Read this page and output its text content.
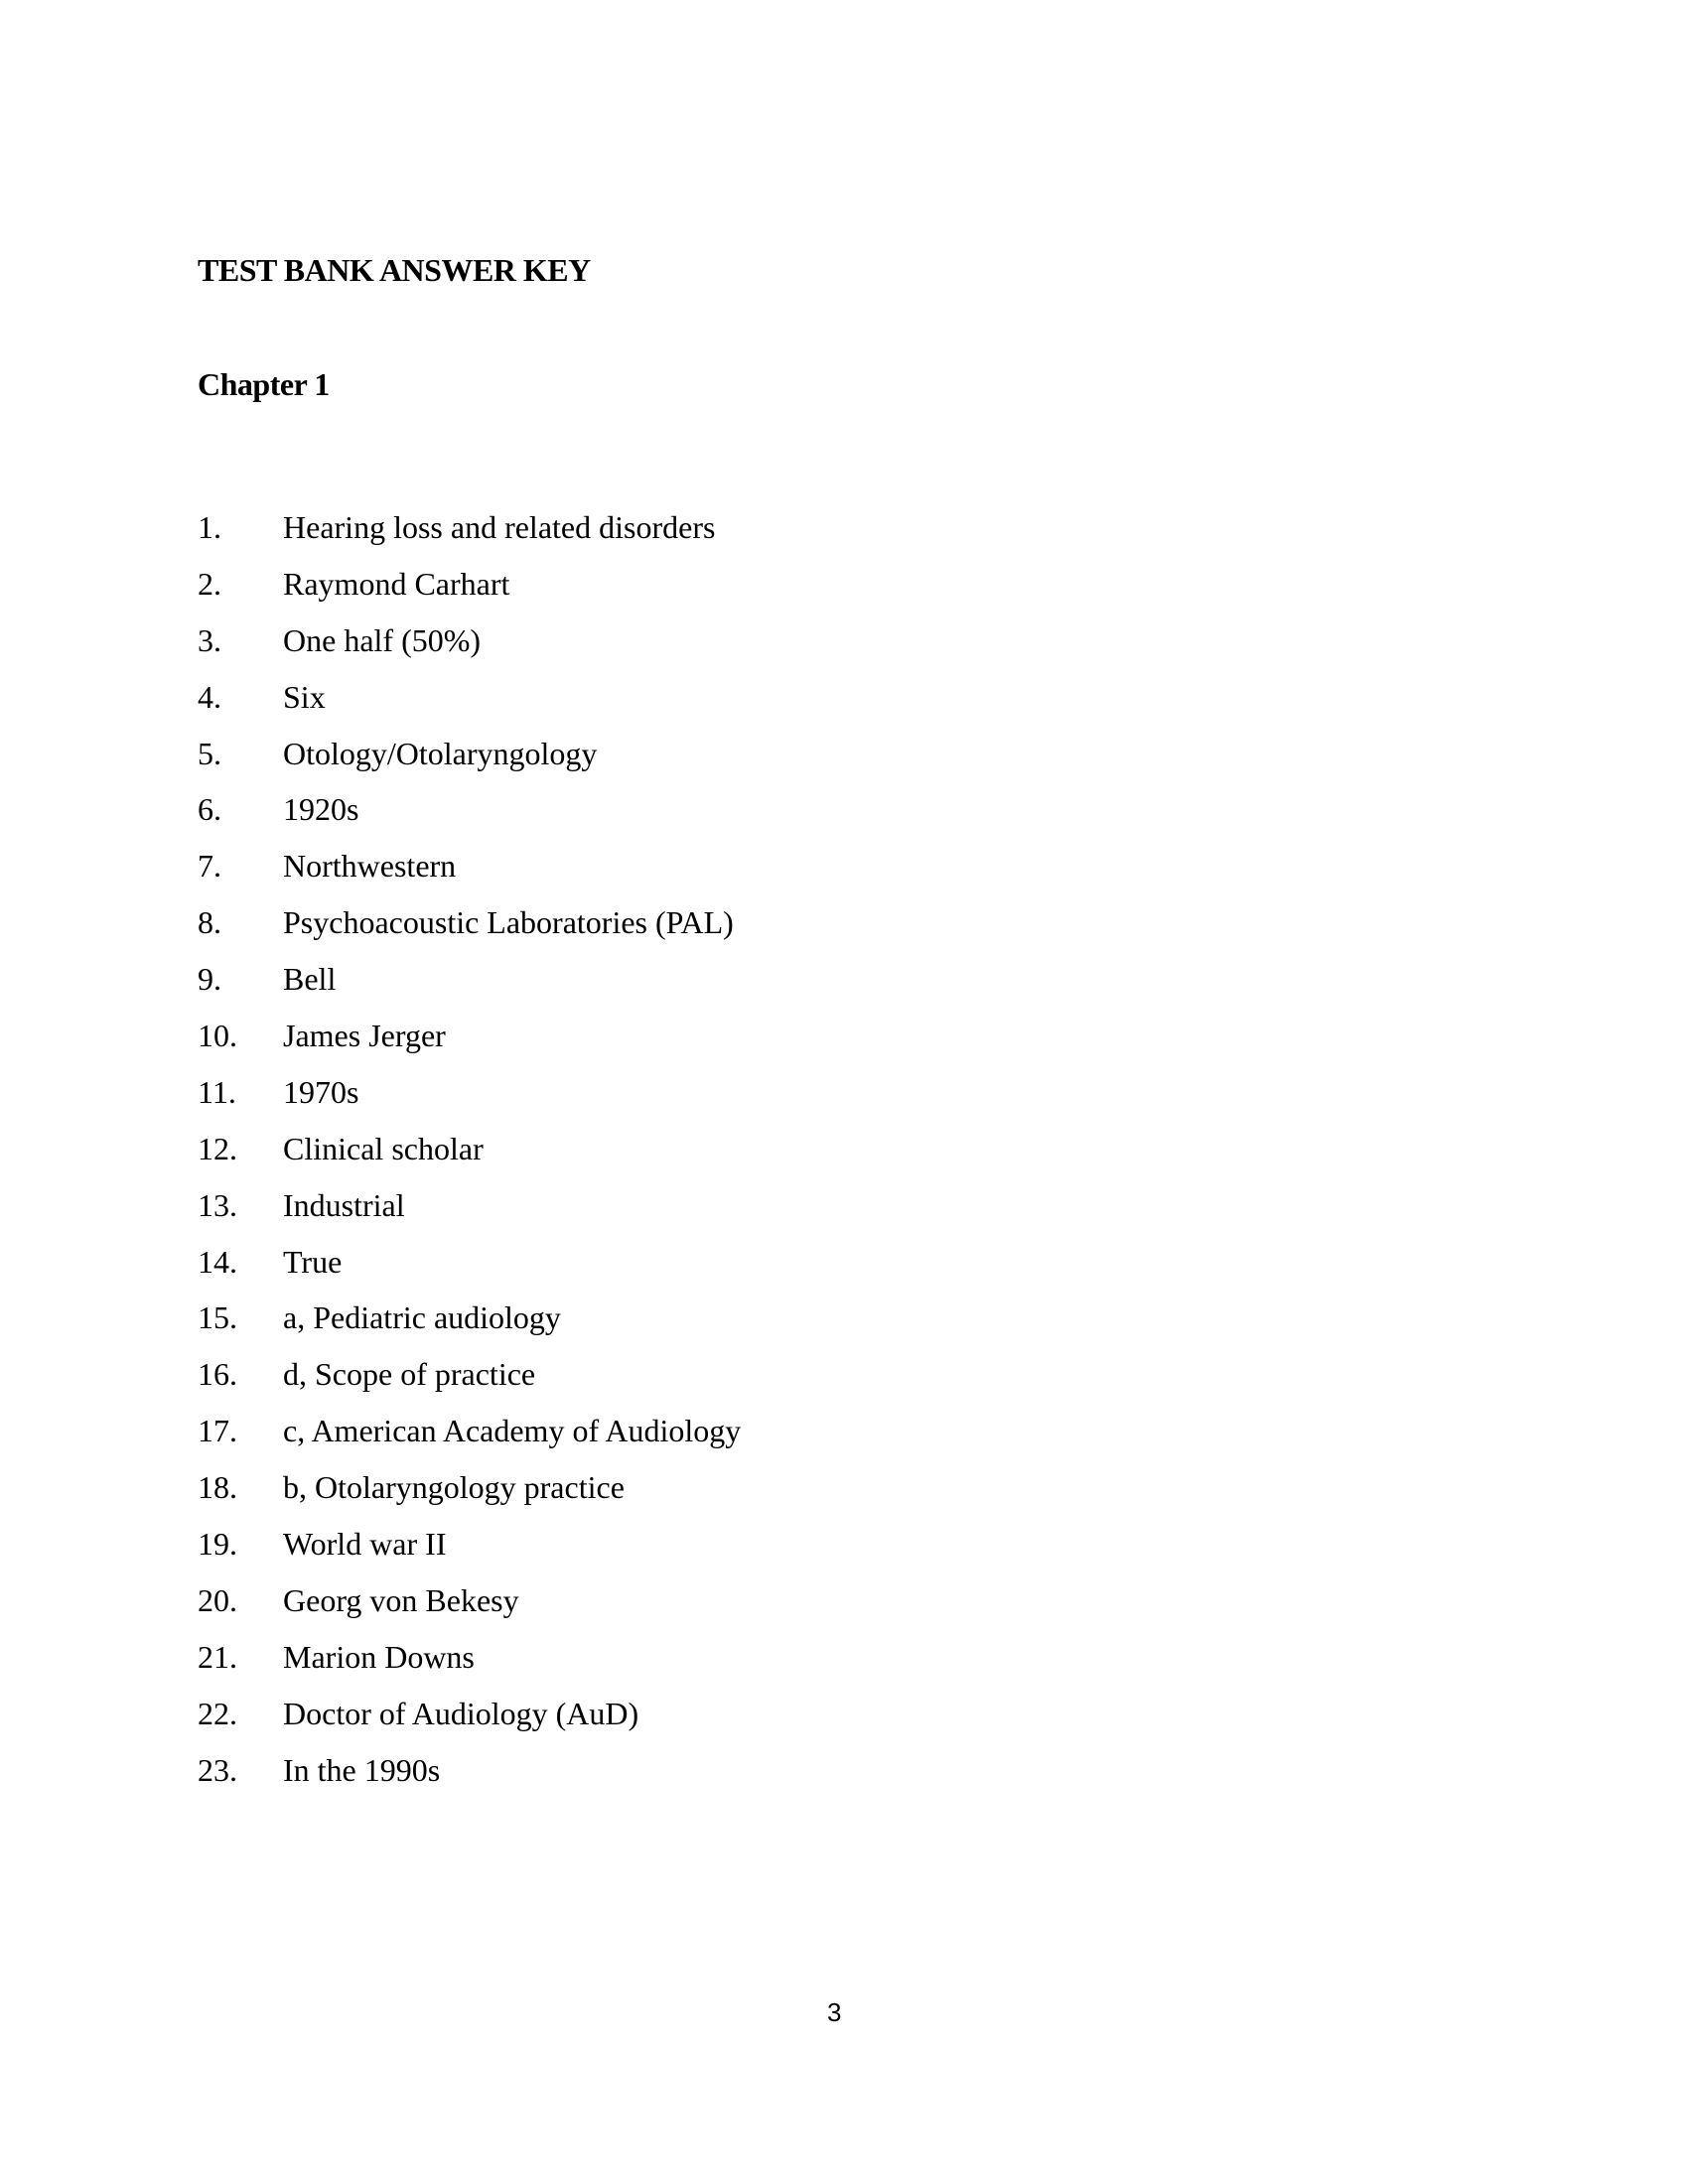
TEST BANK ANSWER KEY
Chapter 1
1. Hearing loss and related disorders
2. Raymond Carhart
3. One half (50%)
4. Six
5. Otology/Otolaryngology
6. 1920s
7. Northwestern
8. Psychoacoustic Laboratories (PAL)
9. Bell
10. James Jerger
11. 1970s
12. Clinical scholar
13. Industrial
14. True
15. a, Pediatric audiology
16. d, Scope of practice
17. c, American Academy of Audiology
18. b, Otolaryngology practice
19. World war II
20. Georg von Bekesy
21. Marion Downs
22. Doctor of Audiology (AuD)
23. In the 1990s
3
